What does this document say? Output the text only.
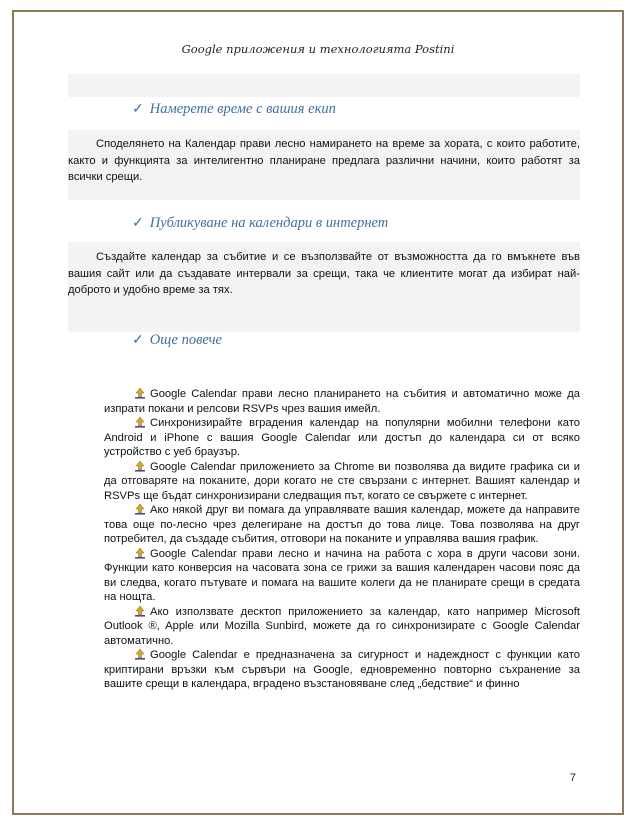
Google приложения и технологията Postini
✓ Намерете време с вашия екип
Споделянето на Календар прави лесно намирането на време за хората, с които работите, както и функцията за интелигентно планиране предлага различни начини, които работят за всички срещи.
✓ Публикуване на календари в интернет
Създайте календар за събитие и се възползвайте от възможността да го вмъкнете във вашия сайт или да създавате интервали за срещи, така че клиентите могат да избират най-доброто и удобно време за тях.
✓ Още повече
Google Calendar прави лесно планирането на събития и автоматично може да изпрати покани и релсови RSVPs чрез вашия имейл.
Синхронизирайте вградения календар на популярни мобилни телефони като Android и iPhone с вашия Google Calendar или достъп до календара си от всяко устройство с уеб браузър.
Google Calendar приложението за Chrome ви позволява да видите графика си и да отговаряте на поканите, дори когато не сте свързани с интернет. Вашият календар и RSVPs ще бъдат синхронизирани следващия път, когато се свържете с интернет.
Ако някой друг ви помага да управлявате вашия календар, можете да направите това още по-лесно чрез делегиране на достъп до това лице. Това позволява на друг потребител, да създаде събития, отговори на поканите и управлява вашия график.
Google Calendar прави лесно и начина на работа с хора в други часови зони. Функции като конверсия на часовата зона се грижи за вашия календарен часови пояс да ви следва, когато пътувате и помага на вашите колеги да не планирате срещи в средата на нощта.
Ако използвате десктоп приложението за календар, като например Microsoft Outlook ®, Apple или Mozilla Sunbird, можете да го синхронизирате с Google Calendar автоматично.
Google Calendar е предназначена за сигурност и надеждност с функции като криптирани връзки към сървъри на Google, едновременно повторно съхранение за вашите срещи в календара, вградено възстановяване след „бедствие“ и финно
7
